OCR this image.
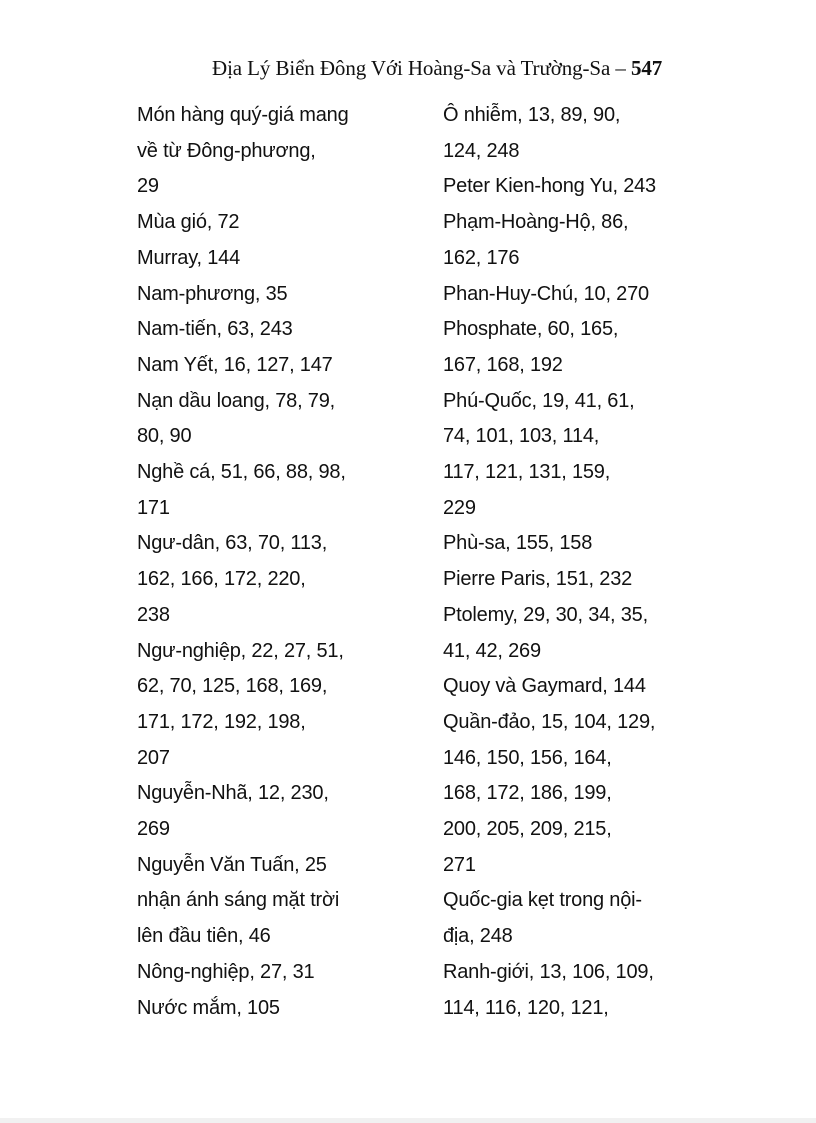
Địa Lý Biển Đông Với Hoàng-Sa và Trường-Sa – 547
Món hàng quý-giá mang
về từ Đông-phương,
29
Mùa gió, 72
Murray, 144
Nam-phương, 35
Nam-tiến, 63, 243
Nam Yết, 16, 127, 147
Nạn dầu loang, 78, 79,
80, 90
Nghề cá, 51, 66, 88, 98,
171
Ngư-dân, 63, 70, 113,
162, 166, 172, 220,
238
Ngư-nghiệp, 22, 27, 51,
62, 70, 125, 168, 169,
171, 172, 192, 198,
207
Nguyễn-Nhã, 12, 230,
269
Nguyễn Văn Tuấn, 25
nhận ánh sáng mặt trời
lên đầu tiên, 46
Nông-nghiệp, 27, 31
Nước mắm, 105
Ô nhiễm, 13, 89, 90,
124, 248
Peter Kien-hong Yu, 243
Phạm-Hoàng-Hộ, 86,
162, 176
Phan-Huy-Chú, 10, 270
Phosphate, 60, 165,
167, 168, 192
Phú-Quốc, 19, 41, 61,
74, 101, 103, 114,
117, 121, 131, 159,
229
Phù-sa, 155, 158
Pierre Paris, 151, 232
Ptolemy, 29, 30, 34, 35,
41, 42, 269
Quoy và Gaymard, 144
Quần-đảo, 15, 104, 129,
146, 150, 156, 164,
168, 172, 186, 199,
200, 205, 209, 215,
271
Quốc-gia kẹt trong nội-
địa, 248
Ranh-giới, 13, 106, 109,
114, 116, 120, 121,
